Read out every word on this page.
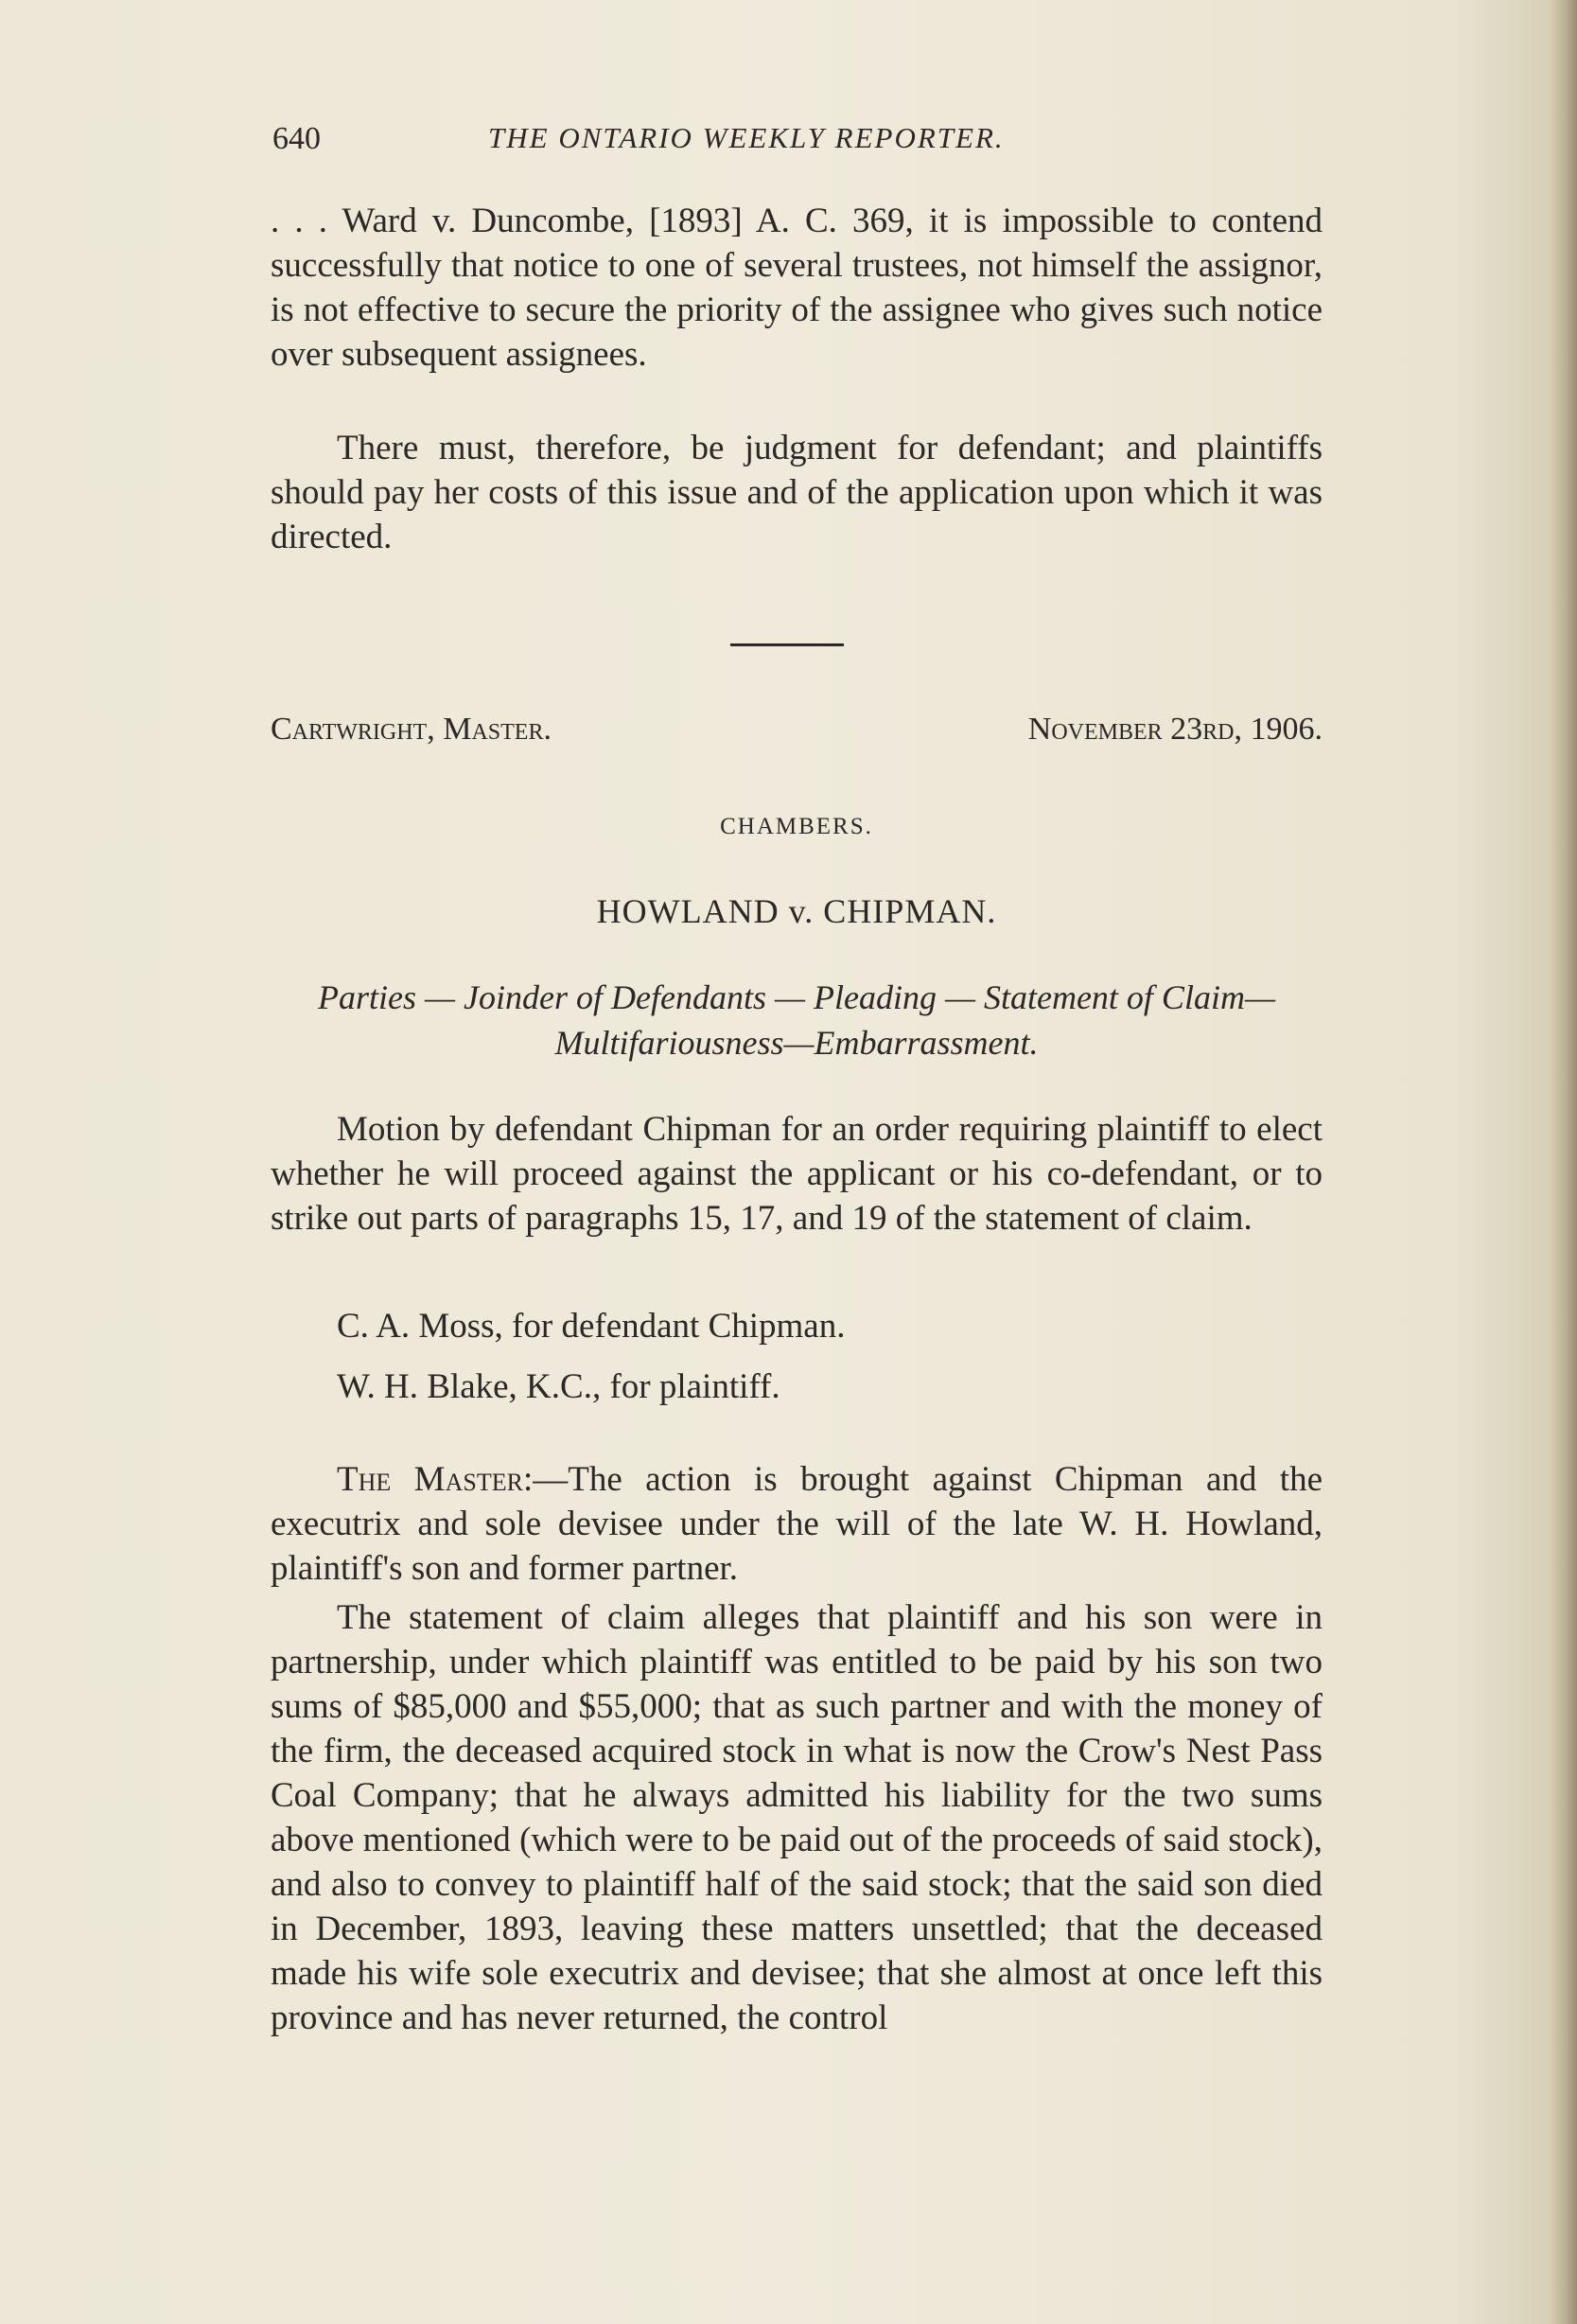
640	THE ONTARIO WEEKLY REPORTER.

. . . Ward v. Duncombe, [1893] A. C. 369, it is impossible to contend successfully that notice to one of several trustees, not himself the assignor, is not effective to secure the priority of the assignee who gives such notice over subsequent assignees.

There must, therefore, be judgment for defendant; and plaintiffs should pay her costs of this issue and of the application upon which it was directed.

Cartwright, Master.	November 23rd, 1906.
CHAMBERS.
HOWLAND v. CHIPMAN.
Parties — Joinder of Defendants — Pleading — Statement of Claim—Multifariousness—Embarrassment.

Motion by defendant Chipman for an order requiring plaintiff to elect whether he will proceed against the applicant or his co-defendant, or to strike out parts of paragraphs 15, 17, and 19 of the statement of claim.

C. A. Moss, for defendant Chipman.

W. H. Blake, K.C., for plaintiff.

The Master:—The action is brought against Chipman and the executrix and sole devisee under the will of the late W. H. Howland, plaintiff's son and former partner.

The statement of claim alleges that plaintiff and his son were in partnership, under which plaintiff was entitled to be paid by his son two sums of $85,000 and $55,000; that as such partner and with the money of the firm, the deceased acquired stock in what is now the Crow's Nest Pass Coal Company; that he always admitted his liability for the two sums above mentioned (which were to be paid out of the proceeds of said stock), and also to convey to plaintiff half of the said stock; that the said son died in December, 1893, leaving these matters unsettled; that the deceased made his wife sole executrix and devisee; that she almost at once left this province and has never returned, the control
